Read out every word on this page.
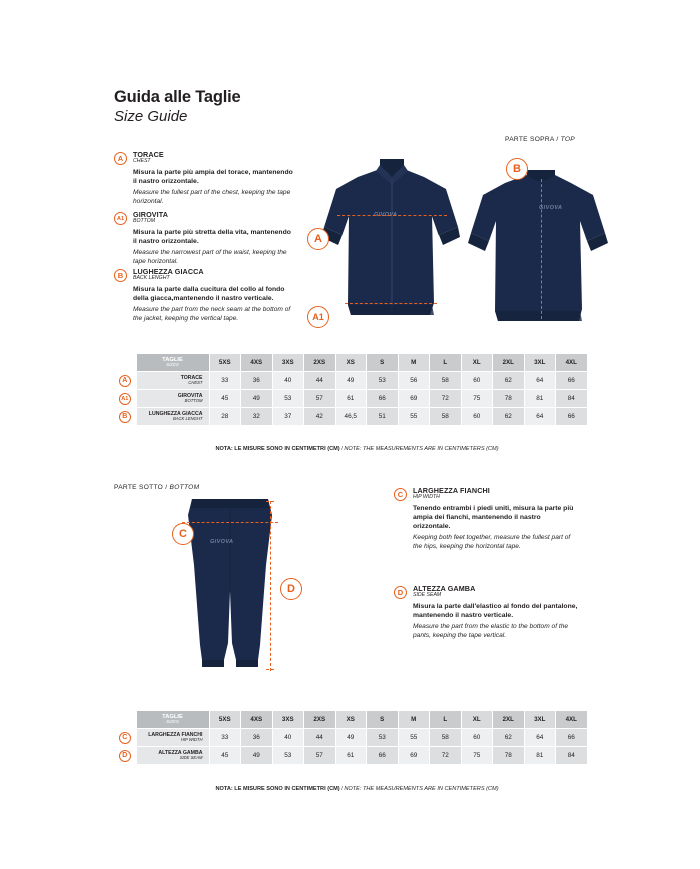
Guida alle Taglie
Size Guide
PARTE SOPRA / TOP
A	TORACE
CHEST
Misura la parte più ampia del torace, mantenendo il nastro orizzontale.
Measure the fullest part of the chest, keeping the tape horizontal.
A1	GIROVITA
BOTTOM
Misura la parte più stretta della vita, mantenendo il nastro orizzontale.
Measure the narrowest part of the waist, keeping the tape horizontal.
B	LUGHEZZA GIACCA
BACK LENGHT
Misura la parte dalla cucitura del collo al fondo della giacca,mantenendo il nastro verticale.
Measure the part from the neck seam at the bottom of the jacket, keeping the vertical tape.
GIVOVA
A
A1
GIVOVA
B
	TAGLIE
SIZES	5XS	4XS	3XS	2XS	XS	S	M	L	XL	2XL	3XL	4XL

A	TORACE
CHEST	33	36	40	44	49	53	56	58	60	62	64	66

A1	GIROVITA
BOTTOM	45	49	53	57	61	66	69	72	75	78	81	84

B	LUNGHEZZA GIACCA
BACK LENGHT	28	32	37	42	46,5	51	55	58	60	62	64	66
NOTA: LE MISURE SONO IN CENTIMETRI (CM) / NOTE: THE MEASUREMENTS ARE IN CENTIMETERS (CM)
PARTE SOTTO / BOTTOM
GIVOVA
C
D
C	LARGHEZZA FIANCHI
HIP WIDTH
Tenendo entrambi i piedi uniti, misura la parte più ampia dei fianchi, mantenendo il nastro orizzontale.
Keeping both feet together, measure the fullest part of the hips, keeping the horizontal tape.
D	ALTEZZA GAMBA
SIDE SEAM
Misura la parte dall'elastico al fondo del pantalone, mantenendo il nastro verticale.
Measure the part from the elastic to the bottom of the pants, keeping the tape vertical.
	TAGLIE
SIZES	5XS	4XS	3XS	2XS	XS	S	M	L	XL	2XL	3XL	4XL

C	LARGHEZZA FIANCHI
HIP WIDTH	33	36	40	44	49	53	55	58	60	62	64	66

D	ALTEZZA GAMBA
SIDE SEAM	45	49	53	57	61	66	69	72	75	78	81	84
NOTA: LE MISURE SONO IN CENTIMETRI (CM) / NOTE: THE MEASUREMENTS ARE IN CENTIMETERS (CM)
